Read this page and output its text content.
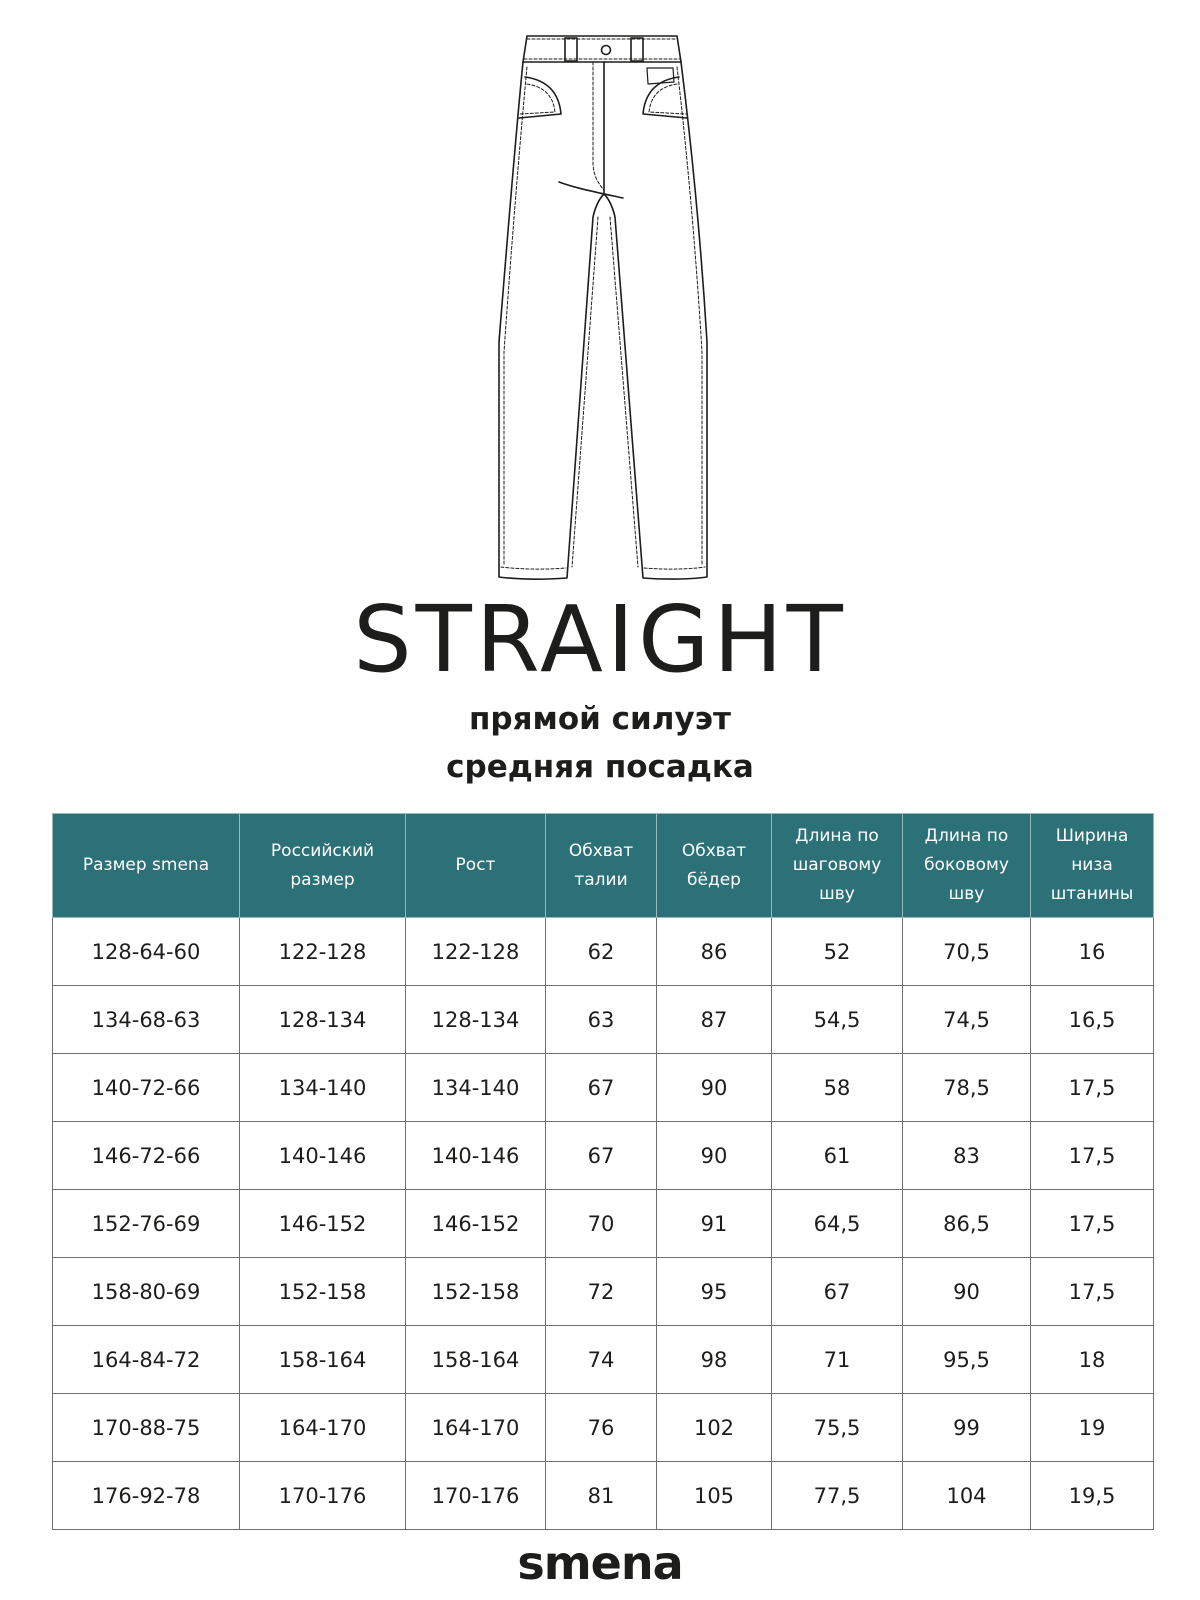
STRAIGHT
прямой силуэт
средняя посадка
Размер smena	Российский размер	Рост	Обхват талии	Обхват бёдер	Длина по шаговому шву	Длина по боковому шву	Ширина низа штанины
128-64-60	122-128	122-128	62	86	52	70,5	16
134-68-63	128-134	128-134	63	87	54,5	74,5	16,5
140-72-66	134-140	134-140	67	90	58	78,5	17,5
146-72-66	140-146	140-146	67	90	61	83	17,5
152-76-69	146-152	146-152	70	91	64,5	86,5	17,5
158-80-69	152-158	152-158	72	95	67	90	17,5
164-84-72	158-164	158-164	74	98	71	95,5	18
170-88-75	164-170	164-170	76	102	75,5	99	19
176-92-78	170-176	170-176	81	105	77,5	104	19,5
smena
